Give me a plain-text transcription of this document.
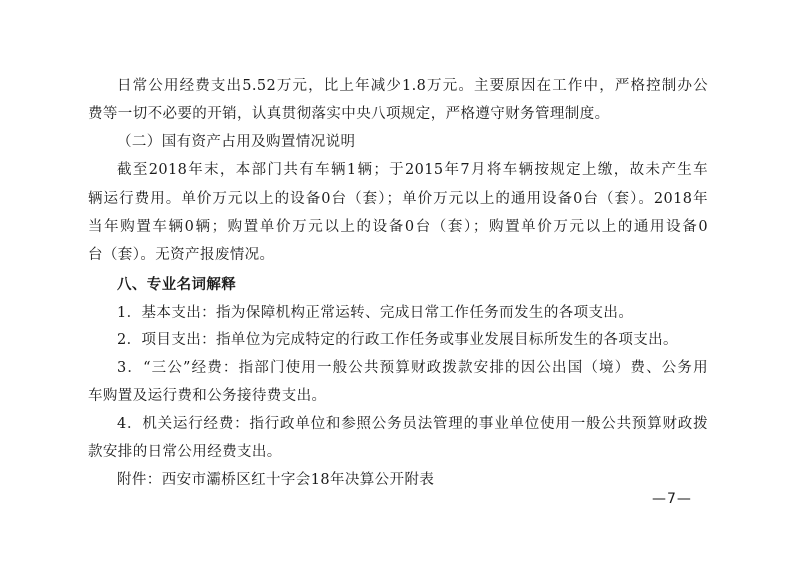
日常公用经费支出5.52万元，比上年减少1.8万元。主要原因在工作中，严格控制办公
费等一切不必要的开销，认真贯彻落实中央八项规定，严格遵守财务管理制度。
（二）国有资产占用及购置情况说明
截至2018年末，本部门共有车辆1辆；于2015年7月将车辆按规定上缴，故未产生车
辆运行费用。单价万元以上的设备0台（套）；单价万元以上的通用设备0台（套）。2018年
当年购置车辆0辆；购置单价万元以上的设备0台（套）；购置单价万元以上的通用设备0
台（套）。无资产报废情况。
八、专业名词解释
1．基本支出：指为保障机构正常运转、完成日常工作任务而发生的各项支出。
2．项目支出：指单位为完成特定的行政工作任务或事业发展目标所发生的各项支出。
3．“三公”经费：指部门使用一般公共预算财政拨款安排的因公出国（境）费、公务用
车购置及运行费和公务接待费支出。
4．机关运行经费：指行政单位和参照公务员法管理的事业单位使用一般公共预算财政拨
款安排的日常公用经费支出。
附件：西安市灞桥区红十字会18年决算公开附表
—7—
